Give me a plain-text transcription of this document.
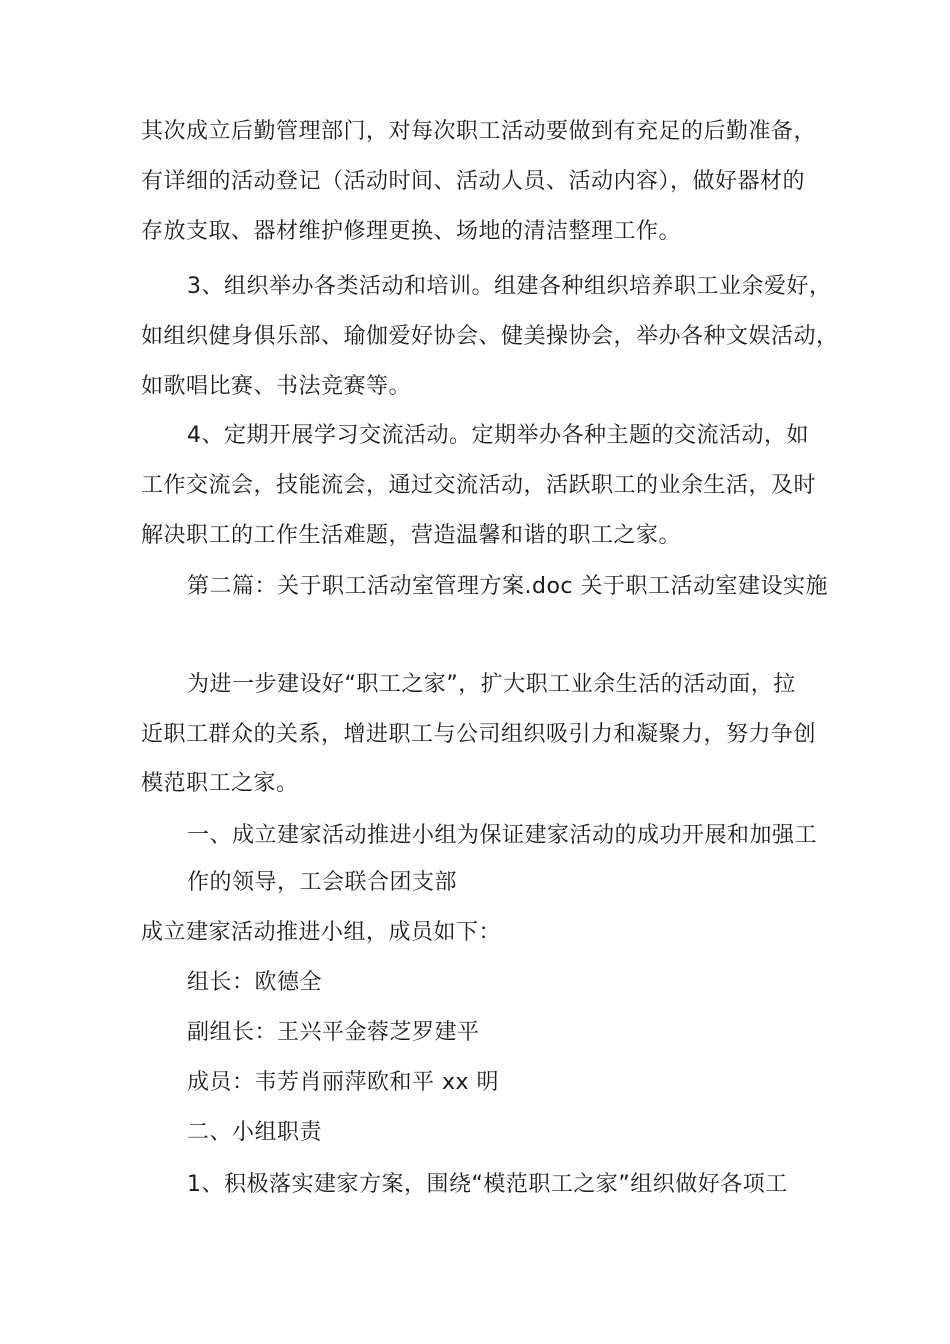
其次成立后勤管理部门，对每次职工活动要做到有充足的后勤准备，
有详细的活动登记（活动时间、活动人员、活动内容），做好器材的
存放支取、器材维护修理更换、场地的清洁整理工作。
3、组织举办各类活动和培训。组建各种组织培养职工业余爱好，
如组织健身俱乐部、瑜伽爱好协会、健美操协会，举办各种文娱活动，
如歌唱比赛、书法竞赛等。
4、定期开展学习交流活动。定期举办各种主题的交流活动，如
工作交流会，技能流会，通过交流活动，活跃职工的业余生活，及时
解决职工的工作生活难题，营造温馨和谐的职工之家。
第二篇：关于职工活动室管理方案.doc 关于职工活动室建设实施
为进一步建设好“职工之家”，扩大职工业余生活的活动面，拉
近职工群众的关系，增进职工与公司组织吸引力和凝聚力，努力争创
模范职工之家。
一、成立建家活动推进小组为保证建家活动的成功开展和加强工
作的领导，工会联合团支部
成立建家活动推进小组，成员如下：
组长：欧德全
副组长：王兴平金蓉芝罗建平
成员：韦芳肖丽萍欧和平 xx 明
二、小组职责
1、积极落实建家方案，围绕“模范职工之家”组织做好各项工
